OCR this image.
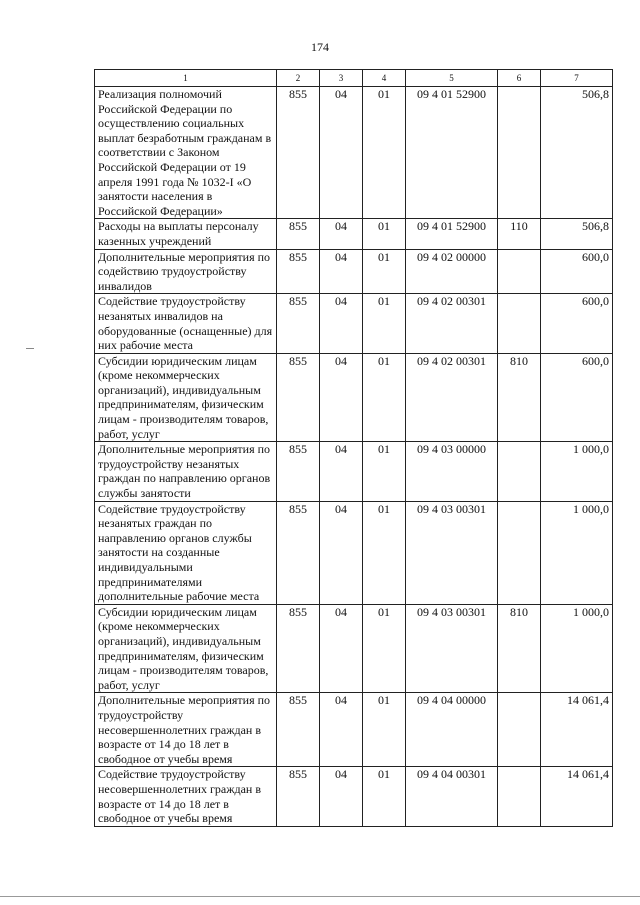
174
1	2	3	4	5	6	7
Реализация полномочий Российской Федерации по осуществлению социальных выплат безработным гражданам в соответствии с Законом Российской Федерации от 19 апреля 1991 года № 1032-I «О занятости населения в Российской Федерации»	855	04	01	09 4 01 52900		506,8
Расходы на выплаты персоналу казенных учреждений	855	04	01	09 4 01 52900	110	506,8
Дополнительные мероприятия по содействию трудоустройству инвалидов	855	04	01	09 4 02 00000		600,0
Содействие трудоустройству незанятых инвалидов на оборудованные (оснащенные) для них рабочие места	855	04	01	09 4 02 00301		600,0
Субсидии юридическим лицам (кроме некоммерческих организаций), индивидуальным предпринимателям, физическим лицам - производителям товаров, работ, услуг	855	04	01	09 4 02 00301	810	600,0
Дополнительные мероприятия по трудоустройству незанятых граждан по направлению органов службы занятости	855	04	01	09 4 03 00000		1 000,0
Содействие трудоустройству незанятых граждан по направлению органов службы занятости на созданные индивидуальными предпринимателями дополнительные рабочие места	855	04	01	09 4 03 00301		1 000,0
Субсидии юридическим лицам (кроме некоммерческих организаций), индивидуальным предпринимателям, физическим лицам - производителям товаров, работ, услуг	855	04	01	09 4 03 00301	810	1 000,0
Дополнительные мероприятия по трудоустройству несовершеннолетних граждан в возрасте от 14 до 18 лет в свободное от учебы время	855	04	01	09 4 04 00000		14 061,4
Содействие трудоустройству несовершеннолетних граждан в возрасте от 14 до 18 лет в свободное от учебы время	855	04	01	09 4 04 00301		14 061,4
